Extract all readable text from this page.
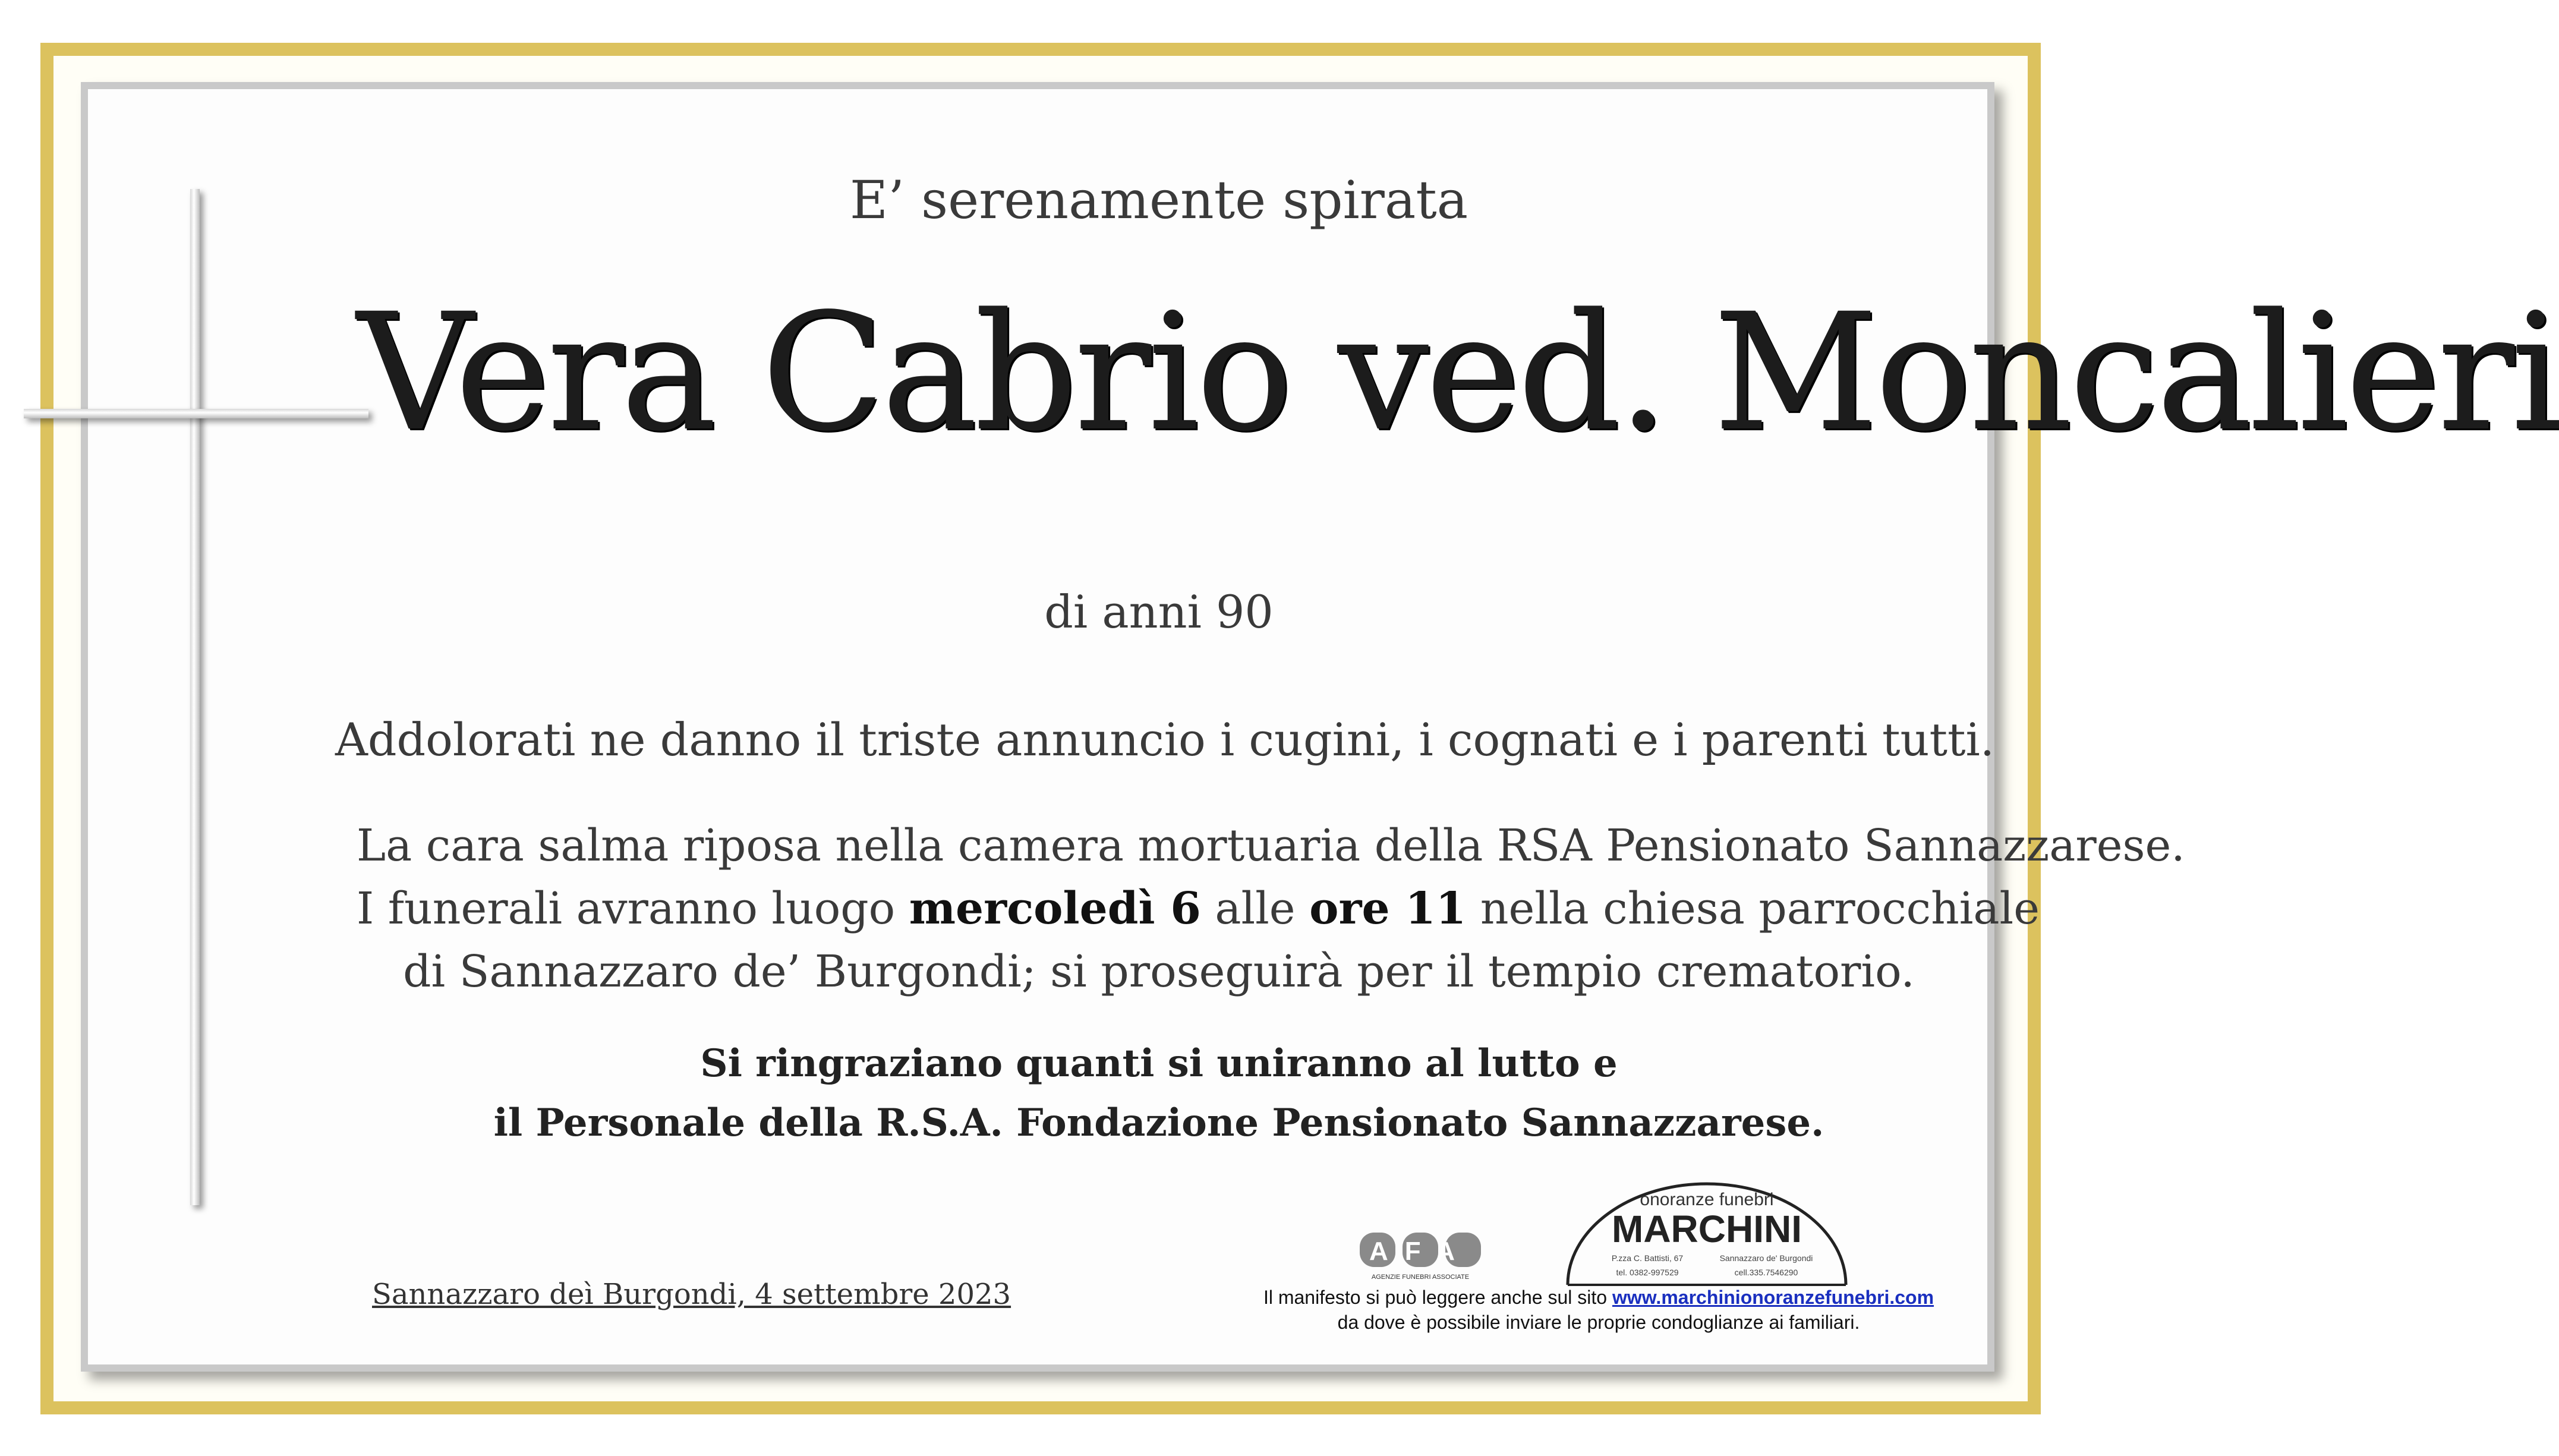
E’ serenamente spirata
Vera Cabrio ved. Moncalieri
di anni 90
Addolorati ne danno il triste annuncio i cugini, i cognati e i parenti tutti.
La cara salma riposa nella camera mortuaria della RSA Pensionato Sannazzarese.
I funerali avranno luogo mercoledì 6 alle ore 11 nella chiesa parrocchiale
di Sannazzaro de’ Burgondi; si proseguirà per il tempio crematorio.
Si ringraziano quanti si uniranno al lutto e
il Personale della R.S.A. Fondazione Pensionato Sannazzarese.
Sannazzaro deì Burgondi, 4 settembre 2023
AFA
AGENZIE FUNEBRI ASSOCIATE
onoranze funebri
MARCHINI
P.zza C. Battisti, 67	Sannazzaro de' Burgondi
tel. 0382-997529	cell.335.7546290
Il manifesto si può leggere anche sul sito www.marchinionoranzefunebri.com
da dove è possibile inviare le proprie condoglianze ai familiari.
